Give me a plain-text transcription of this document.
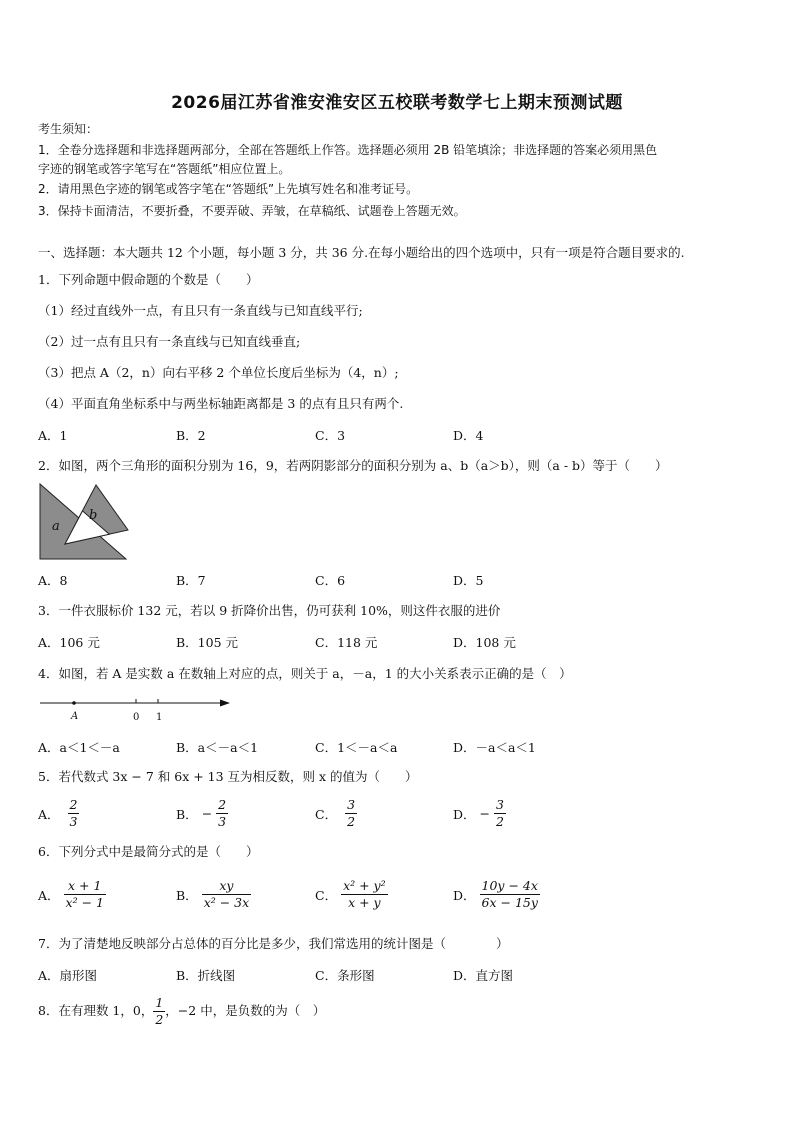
2026届江苏省淮安淮安区五校联考数学七上期末预测试题
考生须知：
1．全卷分选择题和非选择题两部分，全部在答题纸上作答。选择题必须用 2B 铅笔填涂；非选择题的答案必须用黑色
字迹的钢笔或答字笔写在“答题纸”相应位置上。
2．请用黑色字迹的钢笔或答字笔在“答题纸”上先填写姓名和准考证号。
3．保持卡面清洁，不要折叠，不要弄破、弄皱，在草稿纸、试题卷上答题无效。
一、选择题：本大题共 12 个小题，每小题 3 分，共 36 分.在每小题给出的四个选项中，只有一项是符合题目要求的.
1．下列命题中假命题的个数是（　　）
（1）经过直线外一点，有且只有一条直线与已知直线平行;
（2）过一点有且只有一条直线与已知直线垂直;
（3）把点 A（2，n）向右平移 2 个单位长度后坐标为（4，n）;
（4）平面直角坐标系中与两坐标轴距离都是 3 的点有且只有两个.
A．1	B．2	C．3	D．4
2．如图，两个三角形的面积分别为 16，9，若两阴影部分的面积分别为 a、b（a＞b），则（a - b）等于（　　）
a
b
A．8	B．7	C．6	D．5
3．一件衣服标价 132 元，若以 9 折降价出售，仍可获利 10%，则这件衣服的进价
A．106 元	B．105 元	C．118 元	D．108 元
4．如图，若 A 是实数 a 在数轴上对应的点，则关于 a，－a，1 的大小关系表示正确的是（　）
A	0 1
A．a＜1＜－a	B．a＜－a＜1	C．1＜－a＜a	D．－a＜a＜1
5．若代数式 3x − 7 和 6x + 13 互为相反数，则 x 的值为（　　）
A． $\frac{2}{3}$	B． − $\frac{2}{3}$	C． $\frac{3}{2}$	D． − $\frac{3}{2}$
6．下列分式中是最简分式的是（　　）
A． $\frac{x + 1}{\text{x² − 1}}$	B． $\frac{xy}{\text{x² − 3x}}$	C． $\frac{\text{x² + y²}}{x + y}$	D． $\frac{10y - 4x}{6x - 15y}$
7．为了清楚地反映部分占总体的百分比是多少，我们常选用的统计图是（　　　　）
A．扇形图	B．折线图	C．条形图	D．直方图
8．在有理数 1，0， $\frac{1}{2}$ ，−2 中，是负数的为（　）
